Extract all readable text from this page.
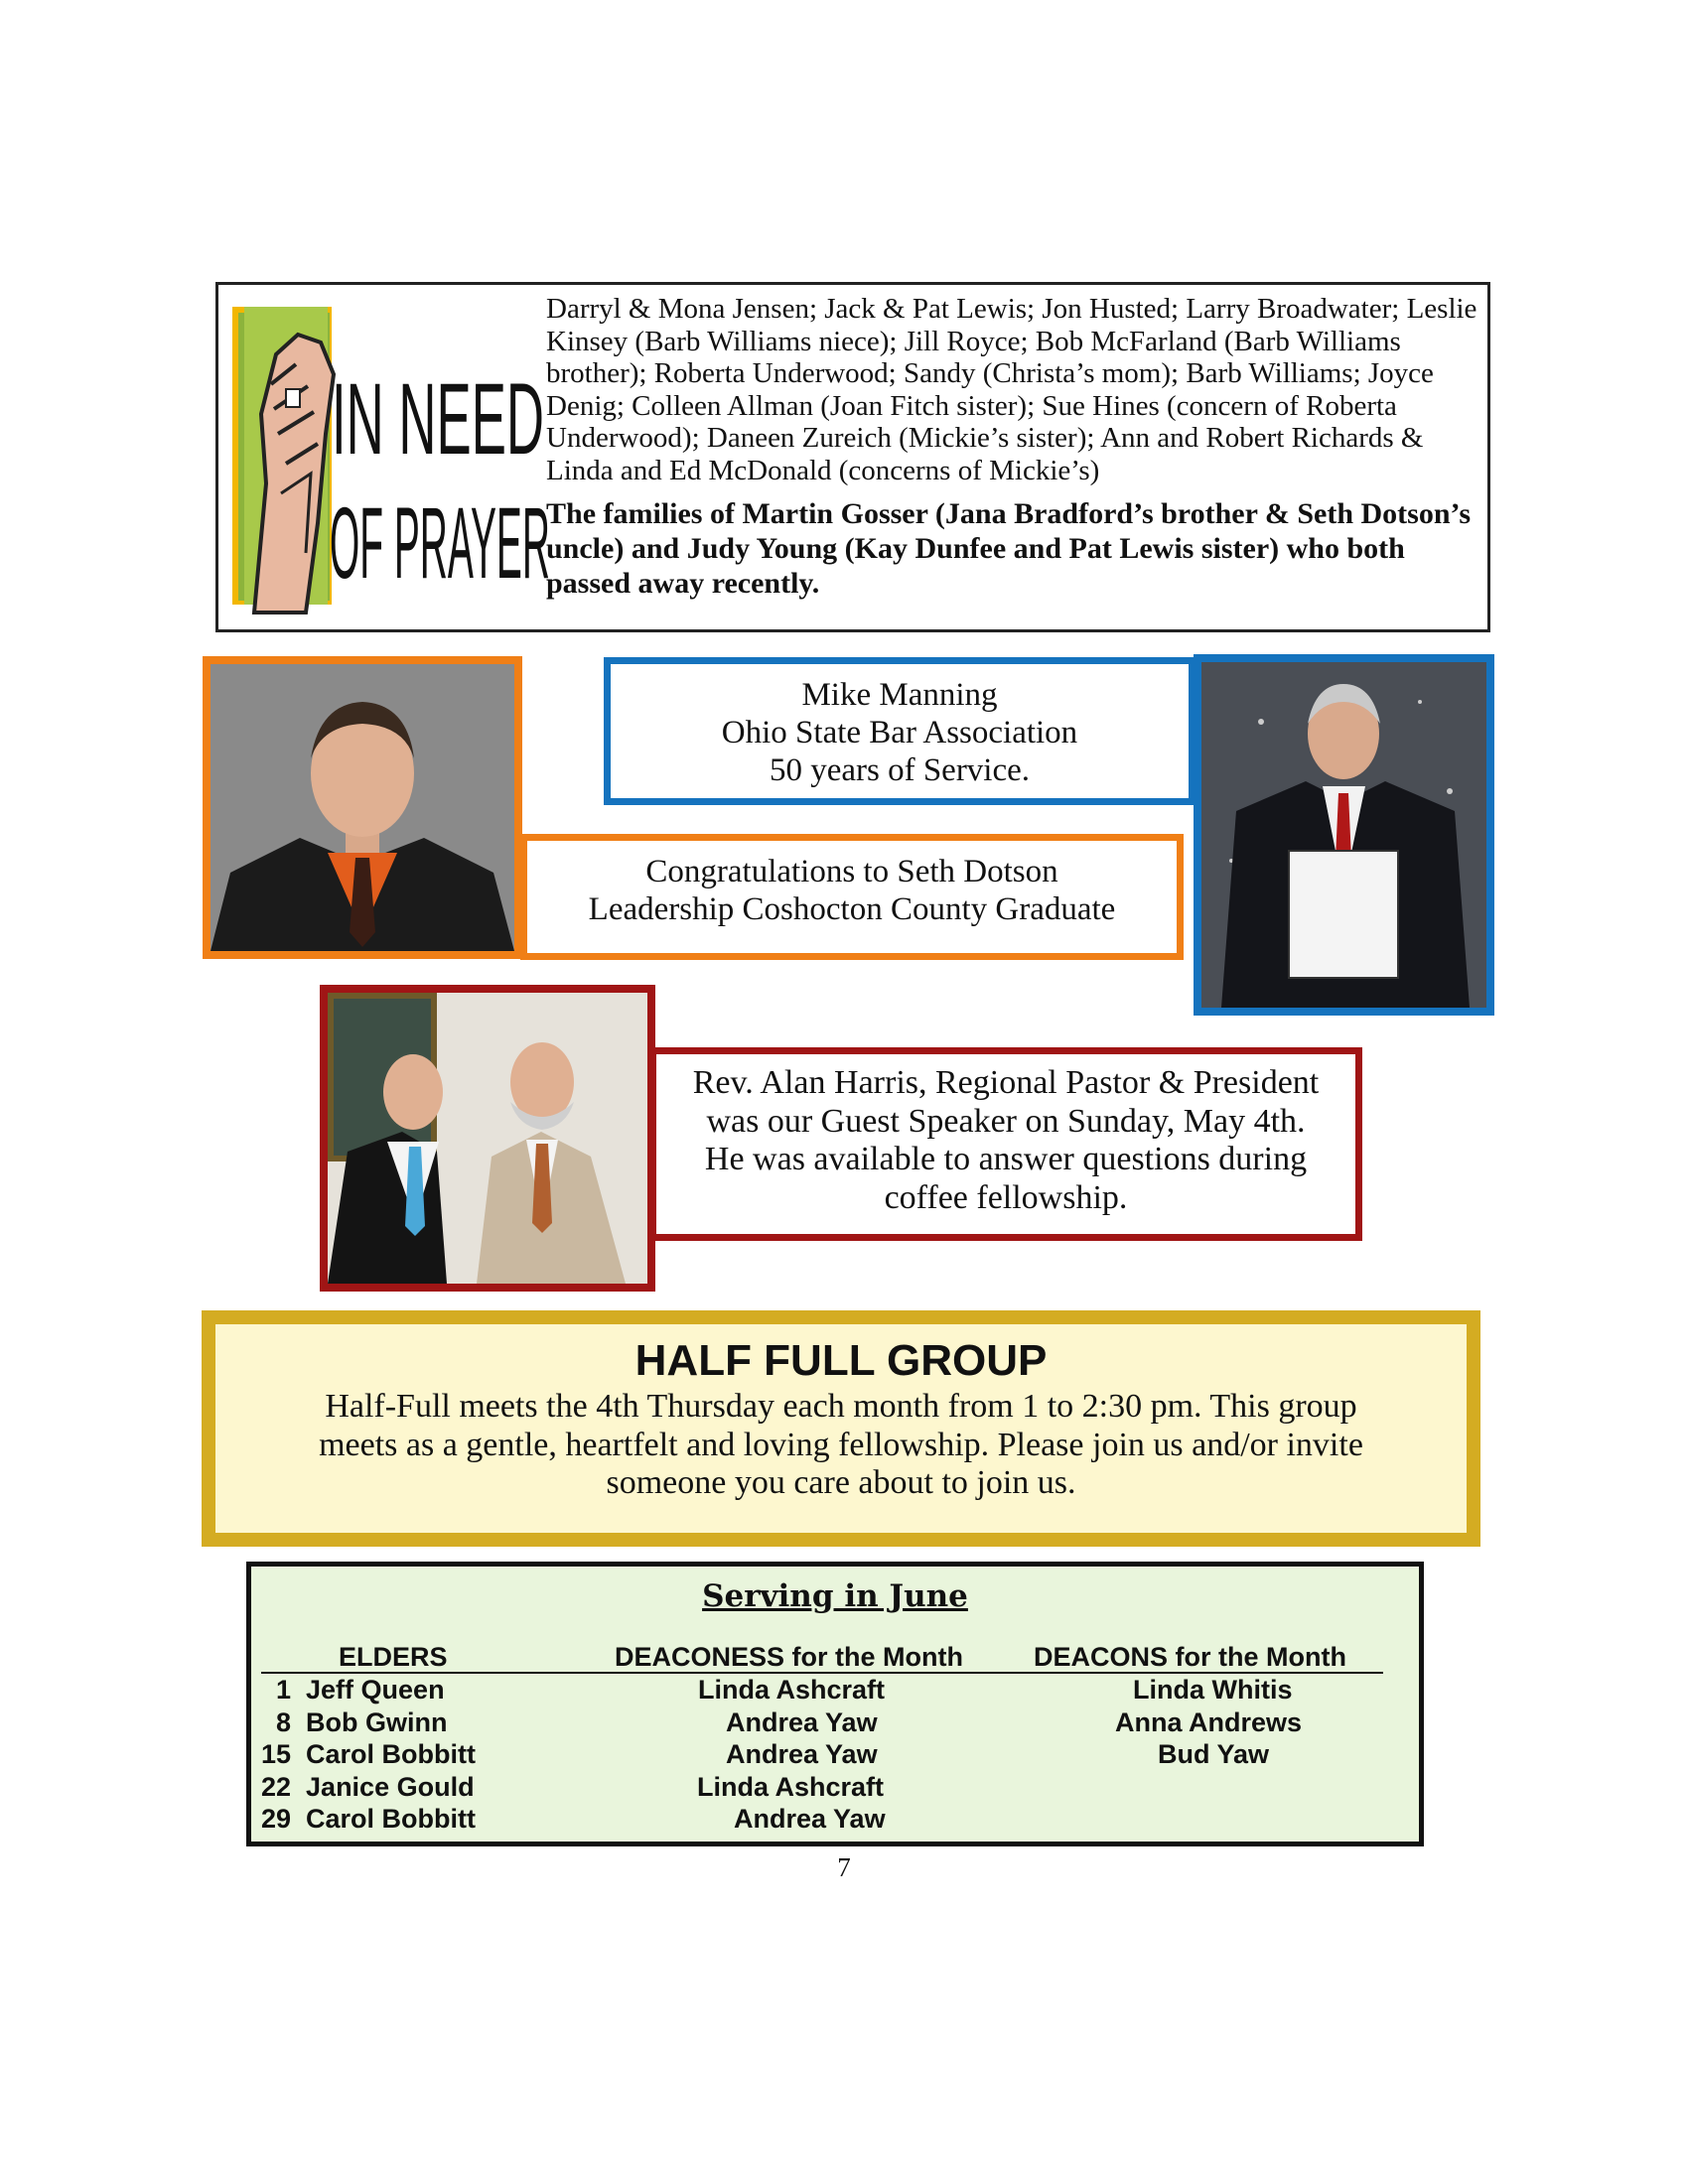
IN NEED
OF PRAYER

Darryl & Mona Jensen; Jack & Pat Lewis; Jon Husted; Larry Broadwater; Leslie Kinsey (Barb Williams niece); Jill Royce; Bob McFarland (Barb Williams brother); Roberta Underwood; Sandy (Christa’s mom); Barb Williams; Joyce Denig; Colleen Allman (Joan Fitch sister); Sue Hines (concern of Roberta Underwood); Daneen Zureich (Mickie’s sister); Ann and Robert Richards & Linda and Ed McDonald (concerns of Mickie’s)

The families of Martin Gosser (Jana Bradford’s brother & Seth Dotson’s uncle) and Judy Young (Kay Dunfee and Pat Lewis sister) who both passed away recently.

Mike Manning
Ohio State Bar Association
50 years of Service.
Congratulations to Seth Dotson
Leadership Coshocton County Graduate
Rev. Alan Harris, Regional Pastor & President
was our Guest Speaker on Sunday, May 4th.
He was available to answer questions during
coffee fellowship.
HALF FULL GROUP
Half-Full meets the 4th Thursday each month from 1 to 2:30 pm. This group
meets as a gentle, heartfelt and loving fellowship. Please join us and/or invite
someone you care about to join us.
Serving in June
ELDERS	DEACONESS for the Month	DEACONS for the Month
1  Jeff Queen
8  Bob Gwinn
15  Carol Bobbitt
22  Janice Gould
29  Carol Bobbitt
Linda Ashcraft
Andrea Yaw
Andrea Yaw
Linda Ashcraft
Andrea Yaw
Linda Whitis
Anna Andrews
Bud Yaw
7
